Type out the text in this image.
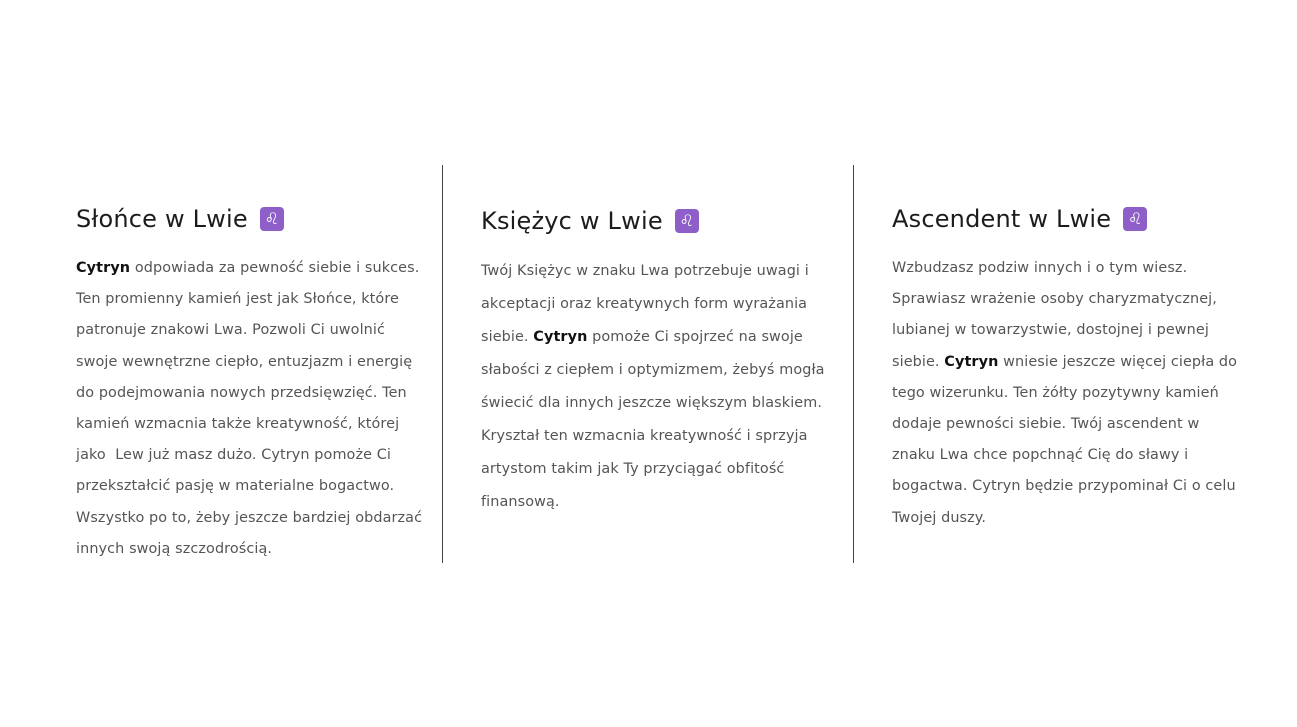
Słońce w Lwie ♌

Cytryn odpowiada za pewność siebie i sukces.
Ten promienny kamień jest jak Słońce, które
patronuje znakowi Lwa. Pozwoli Ci uwolnić
swoje wewnętrzne ciepło, entuzjazm i energię
do podejmowania nowych przedsięwzięć. Ten
kamień wzmacnia także kreatywność, której
jako  Lew już masz dużo. Cytryn pomoże Ci
przekształcić pasję w materialne bogactwo.
Wszystko po to, żeby jeszcze bardziej obdarzać
innych swoją szczodrością.

Księżyc w Lwie ♌

Twój Księżyc w znaku Lwa potrzebuje uwagi i
akceptacji oraz kreatywnych form wyrażania
siebie. Cytryn pomoże Ci spojrzeć na swoje
słabości z ciepłem i optymizmem, żebyś mogła
świecić dla innych jeszcze większym blaskiem.
Kryształ ten wzmacnia kreatywność i sprzyja
artystom takim jak Ty przyciągać obfitość
finansową.

Ascendent w Lwie ♌

Wzbudzasz podziw innych i o tym wiesz.
Sprawiasz wrażenie osoby charyzmatycznej,
lubianej w towarzystwie, dostojnej i pewnej
siebie. Cytryn wniesie jeszcze więcej ciepła do
tego wizerunku. Ten żółty pozytywny kamień
dodaje pewności siebie. Twój ascendent w
znaku Lwa chce popchnąć Cię do sławy i
bogactwa. Cytryn będzie przypominał Ci o celu
Twojej duszy.
